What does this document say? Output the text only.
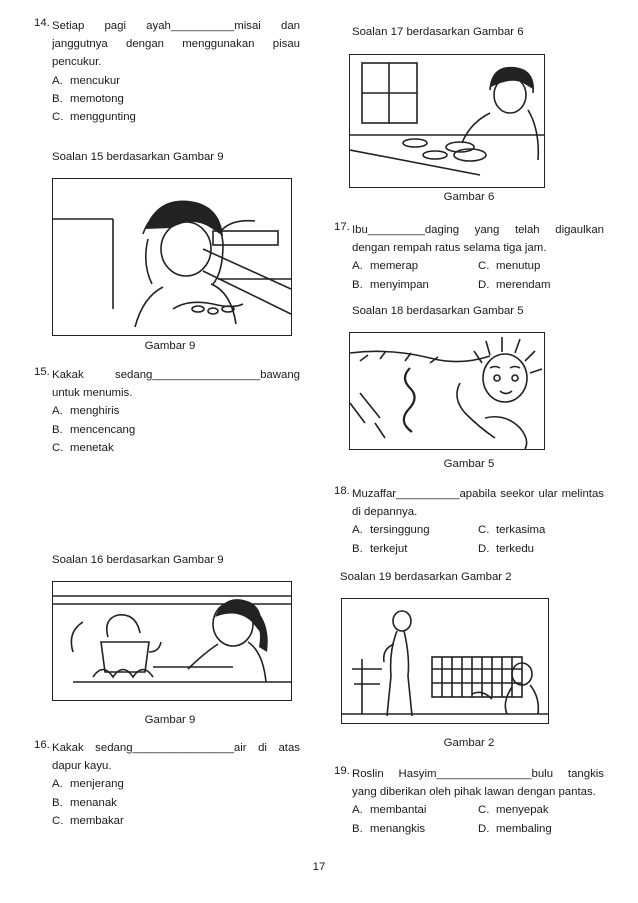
14. Setiap pagi ayah__________misai dan janggutnya dengan menggunakan pisau pencukur.
A. mencukur
B. memotong
C. menggunting
Soalan 15 berdasarkan Gambar 9
Gambar 9
15. Kakak sedang_________________bawang untuk menumis.
A. menghiris
B. mencencang
C. menetak
Soalan 16 berdasarkan Gambar 9
Gambar 9
16. Kakak sedang________________air di atas dapur kayu.
A. menjerang
B. menanak
C. membakar
Soalan 17 berdasarkan Gambar 6
Gambar 6
17. Ibu_________daging yang telah digaulkan dengan rempah ratus selama tiga jam.
A. memerap	C. menutup
B. menyimpan	D. merendam
Soalan 18 berdasarkan Gambar 5
Gambar 5
18. Muzaffar__________apabila seekor ular melintas di depannya.
A. tersinggung	C. terkasima
B. terkejut	D. terkedu
Soalan 19 berdasarkan Gambar 2
Gambar 2
19. Roslin Hasyim_______________bulu tangkis yang diberikan oleh pihak lawan dengan pantas.
A. membantai	C. menyepak
B. menangkis	D. membaling
17
